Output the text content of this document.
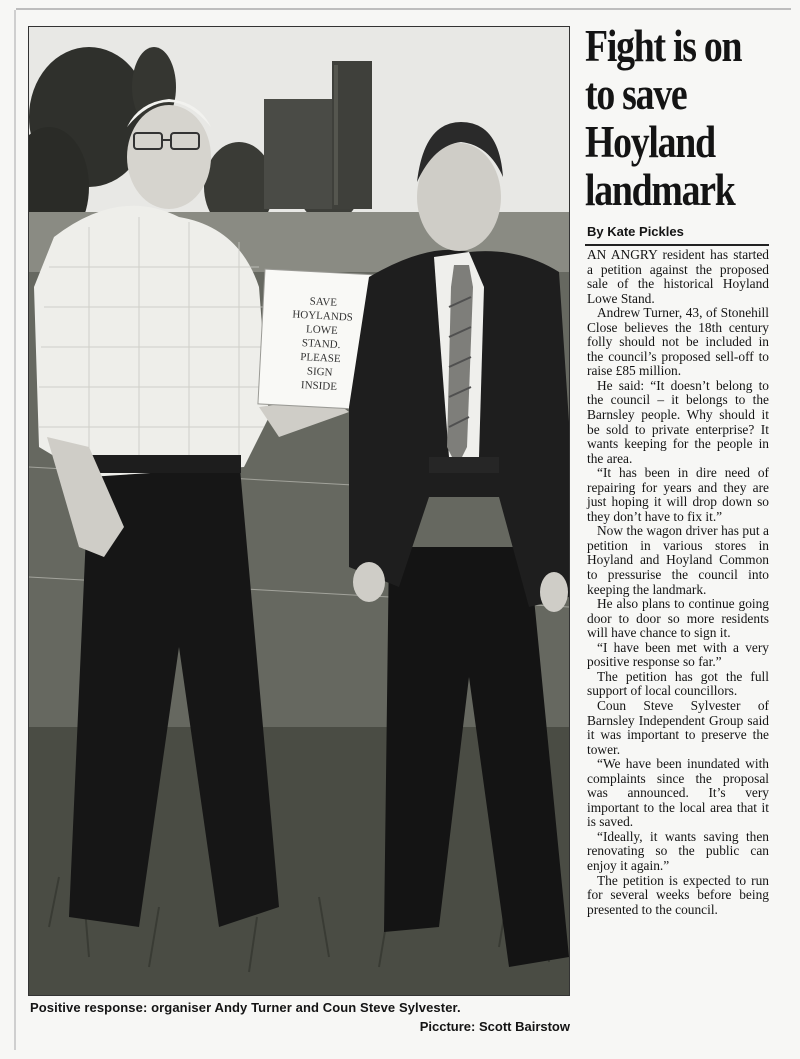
SAVE
HOYLANDS
LOWE
STAND.
PLEASE
SIGN
INSIDE
Positive response: organiser Andy Turner and Coun Steve Sylvester.
Piccture: Scott Bairstow
Fight is on
to save
Hoyland
landmark
By Kate Pickles

AN ANGRY resident has started a petition against the proposed sale of the historical Hoyland Lowe Stand.

Andrew Turner, 43, of Stonehill Close believes the 18th century folly should not be included in the council’s proposed sell-off to raise £85 million.

He said: “It doesn’t belong to the council – it belongs to the Barnsley people. Why should it be sold to private enterprise? It wants keeping for the people in the area.

“It has been in dire need of repairing for years and they are just hoping it will drop down so they don’t have to fix it.”

Now the wagon driver has put a petition in various stores in Hoyland and Hoyland Common to pressurise the council into keeping the landmark.

He also plans to continue going door to door so more residents will have chance to sign it.

“I have been met with a very positive response so far.”

The petition has got the full support of local councillors.

Coun Steve Sylvester of Barnsley Independent Group said it was important to preserve the tower.

“We have been inundated with complaints since the proposal was announced. It’s very important to the local area that it is saved.

“Ideally, it wants saving then renovating so the public can enjoy it again.”

The petition is expected to run for several weeks before being presented to the council.
